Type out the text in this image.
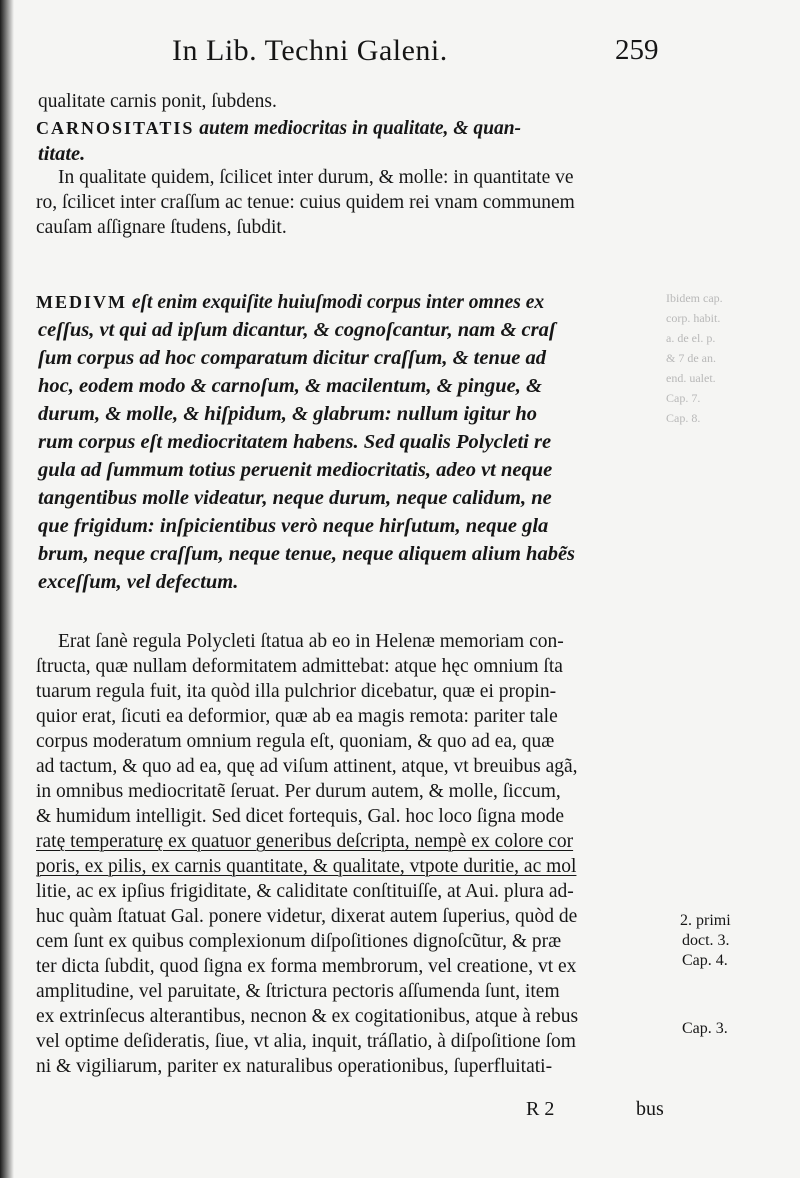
In Lib. Techni Galeni.	259
qualitate carnis ponit, ſubdens.
CARNOSITATIS autem mediocritas in qualitate, & quan-
titate.
In qualitate quidem, ſcilicet inter durum, & molle: in quantitate ve
ro, ſcilicet inter craſſum ac tenue: cuius quidem rei vnam communem
cauſam aſſignare ſtudens, ſubdit.
MEDIVM eſt enim exquiſite huiuſmodi corpus inter omnes ex
ceſſus, vt qui ad ipſum dicantur, & cognoſcantur, nam & craſ
ſum corpus ad hoc comparatum dicitur craſſum, & tenue ad
hoc, eodem modo & carnoſum, & macilentum, & pingue, &
durum, & molle, & hiſpidum, & glabrum: nullum igitur ho
rum corpus eſt mediocritatem habens. Sed qualis Polycleti re
gula ad ſummum totius peruenit mediocritatis, adeo vt neque
tangentibus molle videatur, neque durum, neque calidum, ne
que frigidum: inſpicientibus verò neque hirſutum, neque gla
brum, neque craſſum, neque tenue, neque aliquem alium habẽs
exceſſum, vel defectum.
Erat ſanè regula Polycleti ſtatua ab eo in Helenæ memoriam con-
ſtructa, quæ nullam deformitatem admittebat: atque hęc omnium ſta
tuarum regula fuit, ita quòd illa pulchrior dicebatur, quæ ei propin-
quior erat, ſicuti ea deformior, quæ ab ea magis remota: pariter tale
corpus moderatum omnium regula eſt, quoniam, & quo ad ea, quæ
ad tactum, & quo ad ea, quę ad viſum attinent, atque, vt breuibus agã,
in omnibus mediocritatẽ ſeruat. Per durum autem, & molle, ſiccum,
& humidum intelligit. Sed dicet fortequis, Gal. hoc loco ſigna mode
ratę temperaturę ex quatuor generibus deſcripta, nempè ex colore cor
poris, ex pilis, ex carnis quantitate, & qualitate, vtpote duritie, ac mol
litie, ac ex ipſius frigiditate, & caliditate conſtituiſſe, at Aui. plura ad-
huc quàm ſtatuat Gal. ponere videtur, dixerat autem ſuperius, quòd de
cem ſunt ex quibus complexionum diſpoſitiones dignoſcũtur, & præ
ter dicta ſubdit, quod ſigna ex forma membrorum, vel creatione, vt ex
amplitudine, vel paruitate, & ſtrictura pectoris aſſumenda ſunt, item
ex extrinſecus alterantibus, necnon & ex cogitationibus, atque à rebus
vel optime deſideratis, ſiue, vt alia, inquit, tráſlatio, à diſpoſitione ſom
ni & vigiliarum, pariter ex naturalibus operationibus, ſuperfluitati-
2. primi
doct. 3.
Cap. 4.
Cap. 3.
Ibidem cap.
corp. habit.
a. de el. p.
& 7 de an.
end. ualet.
Cap. 7.
Cap. 8.
R 2	bus
